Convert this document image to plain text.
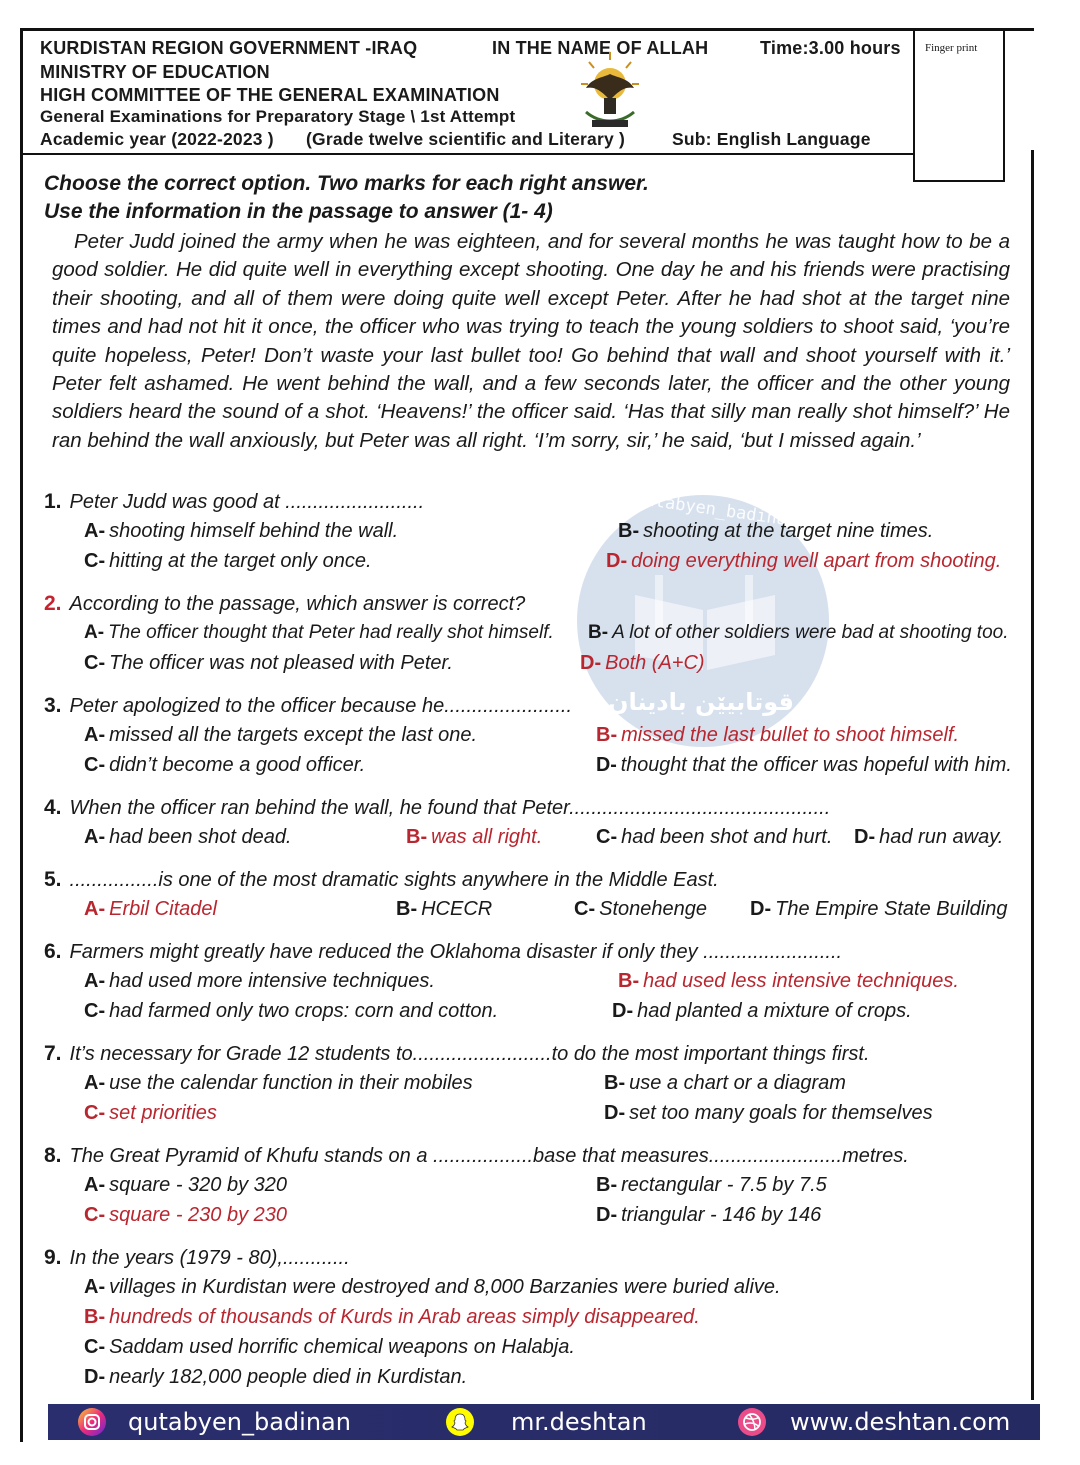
KURDISTAN REGION GOVERNMENT -IRAQ	IN THE NAME OF ALLAH	Time:3.00 hours
MINISTRY OF EDUCATION
HIGH COMMITTEE OF THE GENERAL EXAMINATION
General Examinations for Preparatory Stage \ 1st Attempt
Academic year (2022-2023 ) (Grade twelve scientific and Literary )	Sub: English Language
Finger print
Choose the correct option. Two marks for each right answer.
Use the information in the passage to answer (1- 4)
Peter Judd joined the army when he was eighteen, and for several months he was taught how to be a good soldier. He did quite well in everything except shooting. One day he and his friends were practising their shooting, and all of them were doing quite well except Peter. After he had shot at the target nine times and had not hit it once, the officer who was trying to teach the young soldiers to shoot said, ‘you’re quite hopeless, Peter! Don’t waste your last bullet too! Go behind that wall and shoot yourself with it.’ Peter felt ashamed. He went behind the wall, and a few seconds later, the officer and the other young soldiers heard the sound of a shot. ‘Heavens!’ the officer said. ‘Has that silly man really shot himself?’ He ran behind the wall anxiously, but Peter was all right. ‘I’m sorry, sir,’ he said, ‘but I missed again.’
qutabyen_badinan
قوتابیێن بادینان
1. Peter Judd was good at .........................
A- shooting himself behind the wall.	B- shooting at the target nine times.
C- hitting at the target only once.	D- doing everything well apart from shooting.
2. According to the passage, which answer is correct?
A- The officer thought that Peter had really shot himself. B- A lot of other soldiers were bad at shooting too.
C- The officer was not pleased with Peter.	D- Both (A+C)
3. Peter apologized to the officer because he.......................
A- missed all the targets except the last one.	B- missed the last bullet to shoot himself.
C- didn’t become a good officer.	D- thought that the officer was hopeful with him.
4. When the officer ran behind the wall, he found that Peter...............................................
A- had been shot dead.	B- was all right.	C- had been shot and hurt. D- had run away.
5. ................is one of the most dramatic sights anywhere in the Middle East.
A- Erbil Citadel	B- HCECR	C- Stonehenge D- The Empire State Building
6. Farmers might greatly have reduced the Oklahoma disaster if only they .........................
A- had used more intensive techniques.	B- had used less intensive techniques.
C- had farmed only two crops: corn and cotton.	D- had planted a mixture of crops.
7. It’s necessary for Grade 12 students to.........................to do the most important things first.
A- use the calendar function in their mobiles	B- use a chart or a diagram
C- set priorities	D- set too many goals for themselves
8. The Great Pyramid of Khufu stands on a ..................base that measures........................metres.
A- square - 320 by 320	B- rectangular - 7.5 by 7.5
C- square - 230 by 230	D- triangular - 146 by 146
9. In the years (1979 - 80),............
A- villages in Kurdistan were destroyed and 8,000 Barzanies were buried alive.
B- hundreds of thousands of Kurds in Arab areas simply disappeared.
C- Saddam used horrific chemical weapons on Halabja.
D- nearly 182,000 people died in Kurdistan.
qutabyen_badinan	mr.deshtan	www.deshtan.com
